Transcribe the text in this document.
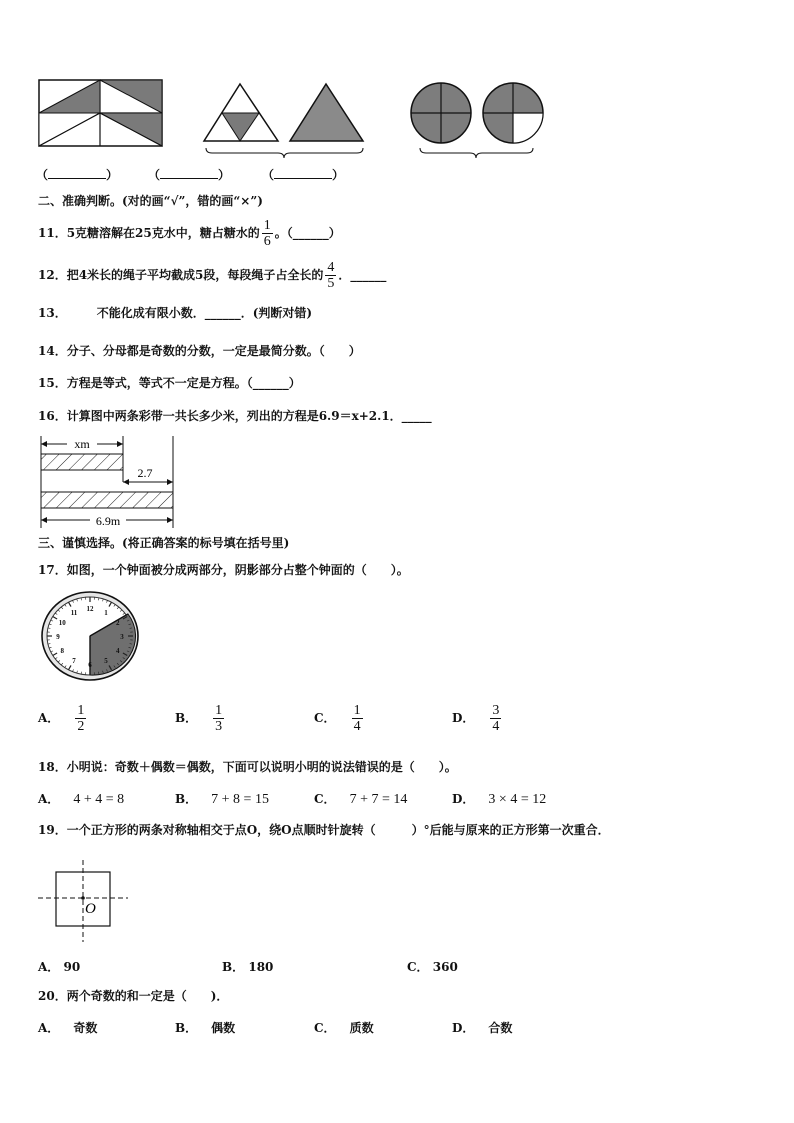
（	） （	）	（	）
二、准确判断。(对的画“√”，错的画“×”)
11．5克糖溶解在25克水中，糖占糖水的 $\frac{1}{6}$ 。（______）
12．把4米长的绳子平均截成5段，每段绳子占全长的 $\frac{4}{5}$ ．______
13．	不能化成有限小数．______．(判断对错)
14．分子、分母都是奇数的分数，一定是最简分数。（　　）
15．方程是等式，等式不一定是方程。（______）
16．计算图中两条彩带一共长多少米，列出的方程是6.9＝x+2.1．_____
xm
2.7
6.9m
三、谨慎选择。(将正确答案的标号填在括号里)
17．如图，一个钟面被分成两部分，阴影部分占整个钟面的（　　）。
12 1
2
3
4
5
6
7
8
9
10
11
A． $\frac{1}{2}$	B． $\frac{1}{3}$	C． $\frac{1}{4}$	D． $\frac{3}{4}$
18．小明说：奇数＋偶数＝偶数，下面可以说明小明的说法错误的是（　　）。
A． 4 + 4 = 8	B． 7 + 8 = 15	C． 7 + 7 = 14	D． 3 × 4 = 12
19．一个正方形的两条对称轴相交于点O，绕O点顺时针旋转（　　　）°后能与原来的正方形第一次重合．
O
A． 90	B． 180	C． 360
20．两个奇数的和一定是（　　)．
A． 奇数	B． 偶数	C． 质数	D． 合数
